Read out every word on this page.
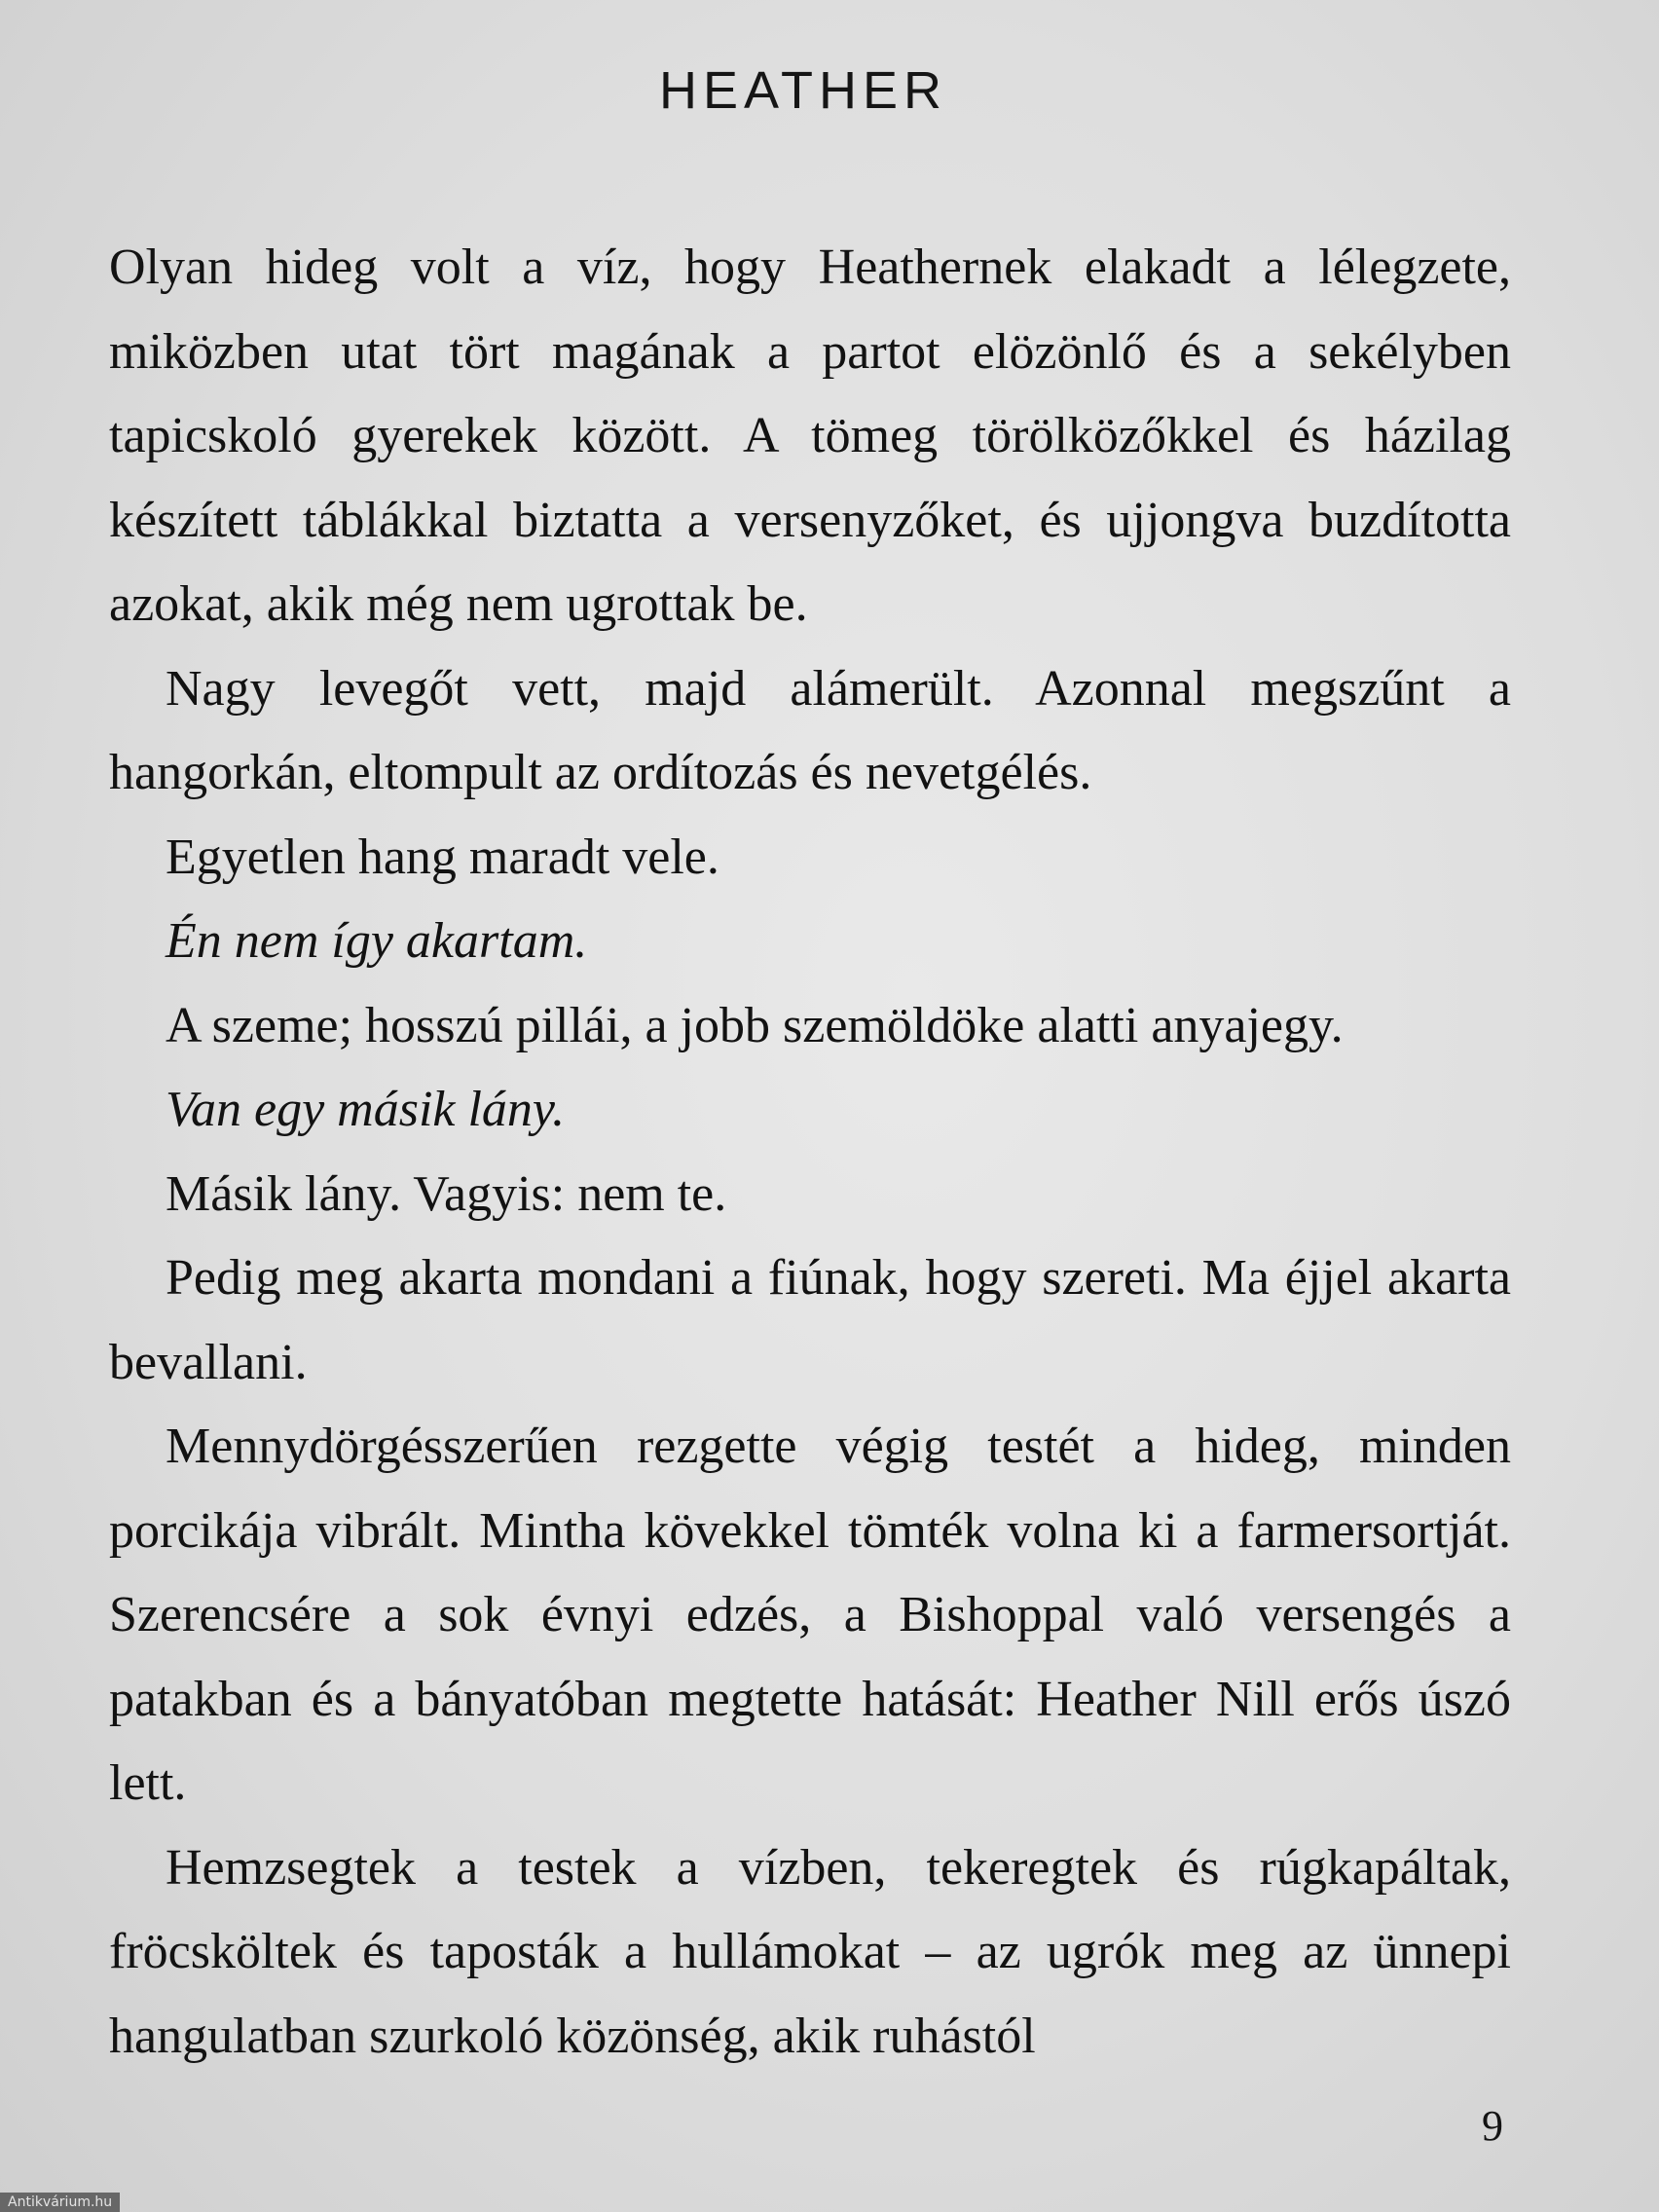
HEATHER

Olyan hideg volt a víz, hogy Heathernek elakadt a lélegzete, miközben utat tört magának a partot elözönlő és a sekélyben tapicskoló gyerekek között. A tömeg törölközőkkel és házilag készített táblákkal biztatta a versenyzőket, és ujjongva buzdította azokat, akik még nem ugrottak be.

Nagy levegőt vett, majd alámerült. Azonnal megszűnt a hangorkán, eltompult az ordítozás és nevetgélés.

Egyetlen hang maradt vele.

Én nem így akartam.

A szeme; hosszú pillái, a jobb szemöldöke alatti anyajegy.

Van egy másik lány.

Másik lány. Vagyis: nem te.

Pedig meg akarta mondani a fiúnak, hogy szereti. Ma éjjel akarta bevallani.

Mennydörgésszerűen rezgette végig testét a hideg, minden porcikája vibrált. Mintha kövekkel tömték volna ki a farmersortját. Szerencsére a sok évnyi edzés, a Bishoppal való versengés a patakban és a bányatóban megtette hatását: Heather Nill erős úszó lett.

Hemzsegtek a testek a vízben, tekeregtek és rúgkapáltak, fröcsköltek és taposták a hullámokat – az ugrók meg az ünnepi hangulatban szurkoló közönség, akik ruhástól

9
Antikvárium.hu
